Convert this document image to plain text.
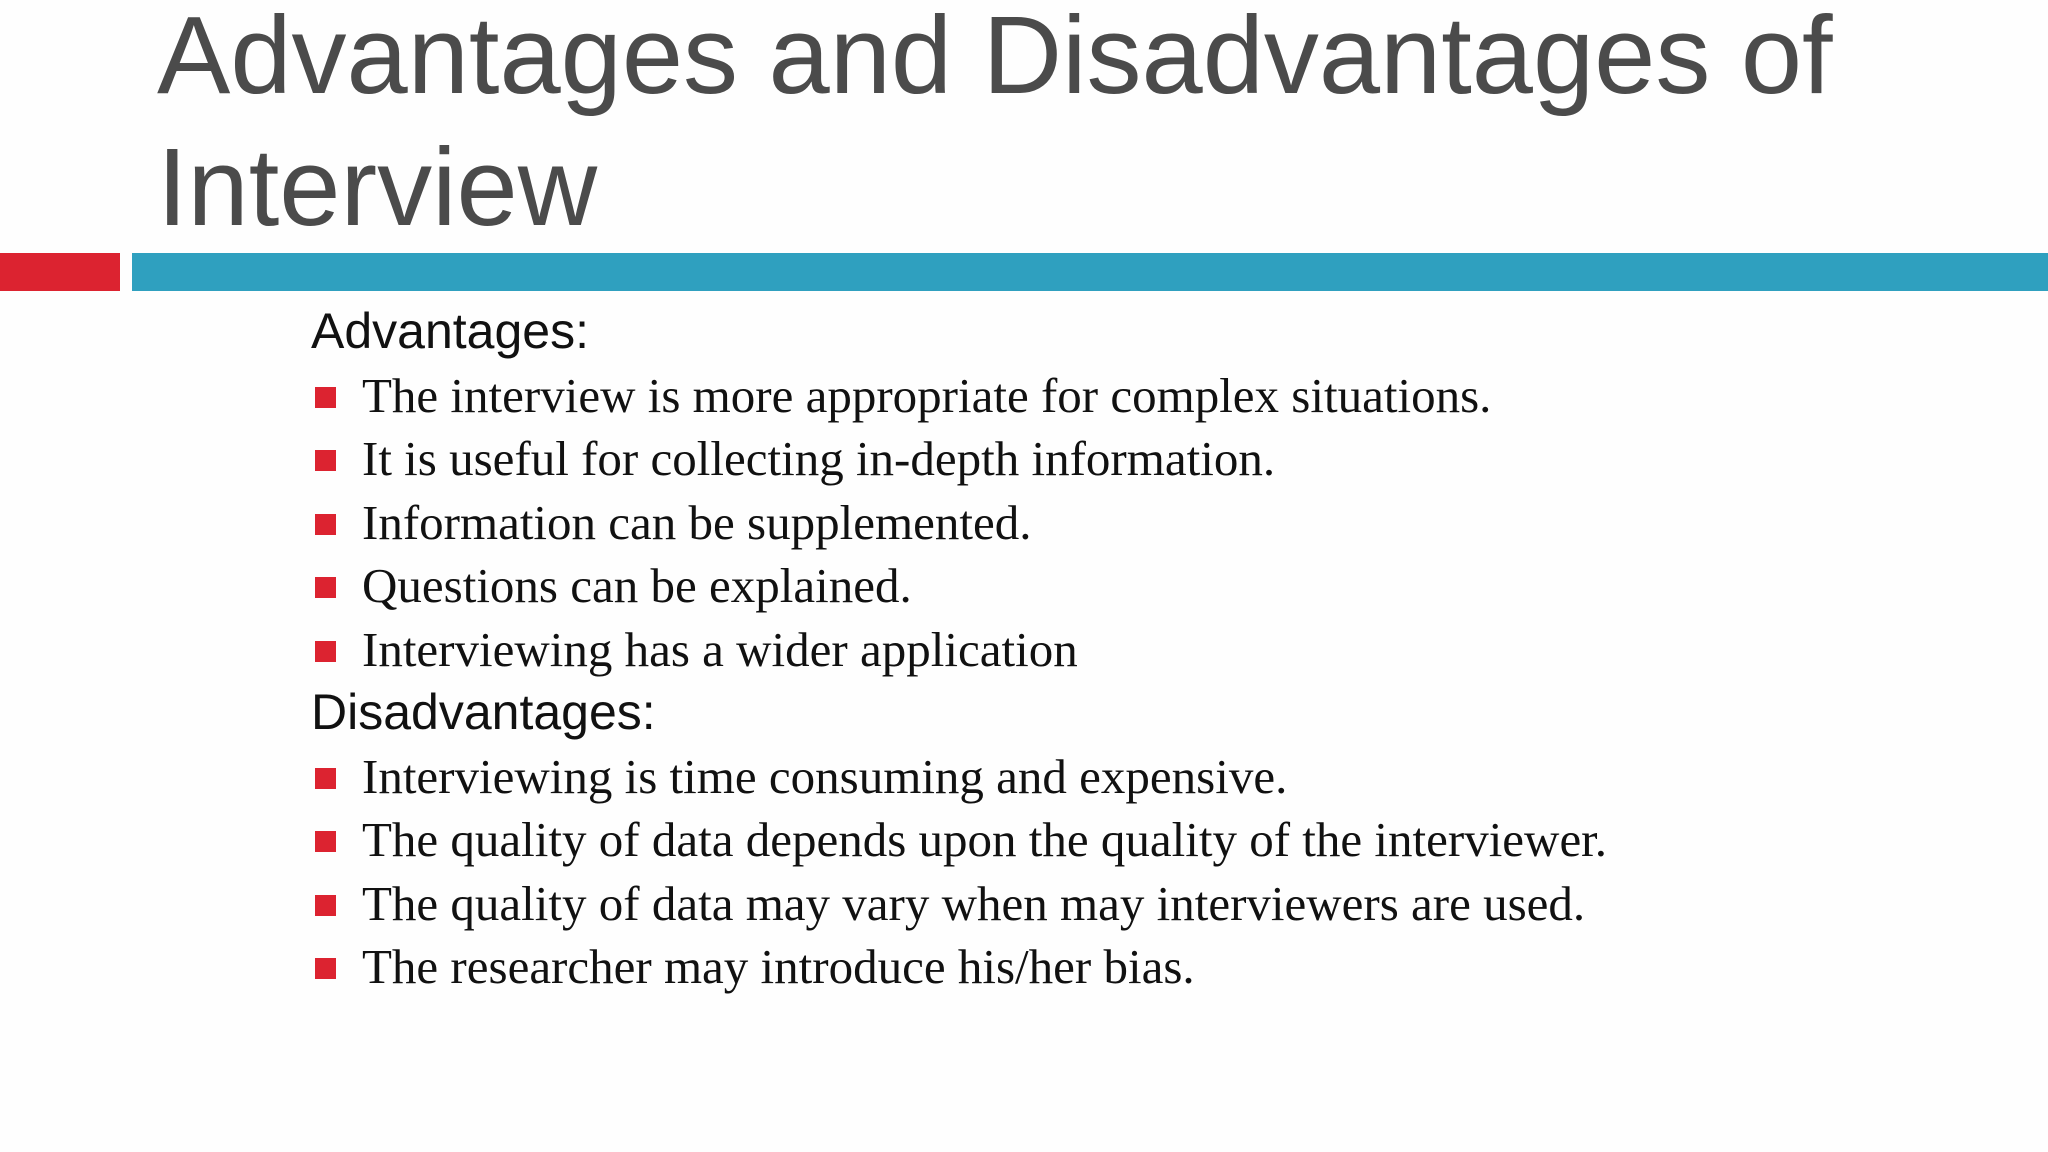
Advantages and Disadvantages of Interview
Advantages:
The interview is more appropriate for complex situations.
It is useful for collecting in-depth information.
Information can be supplemented.
Questions can be explained.
Interviewing has a wider application
Disadvantages:
Interviewing is time consuming and expensive.
The quality of data depends upon the quality of the interviewer.
The quality of data may vary when may interviewers are used.
The researcher may introduce his/her bias.
